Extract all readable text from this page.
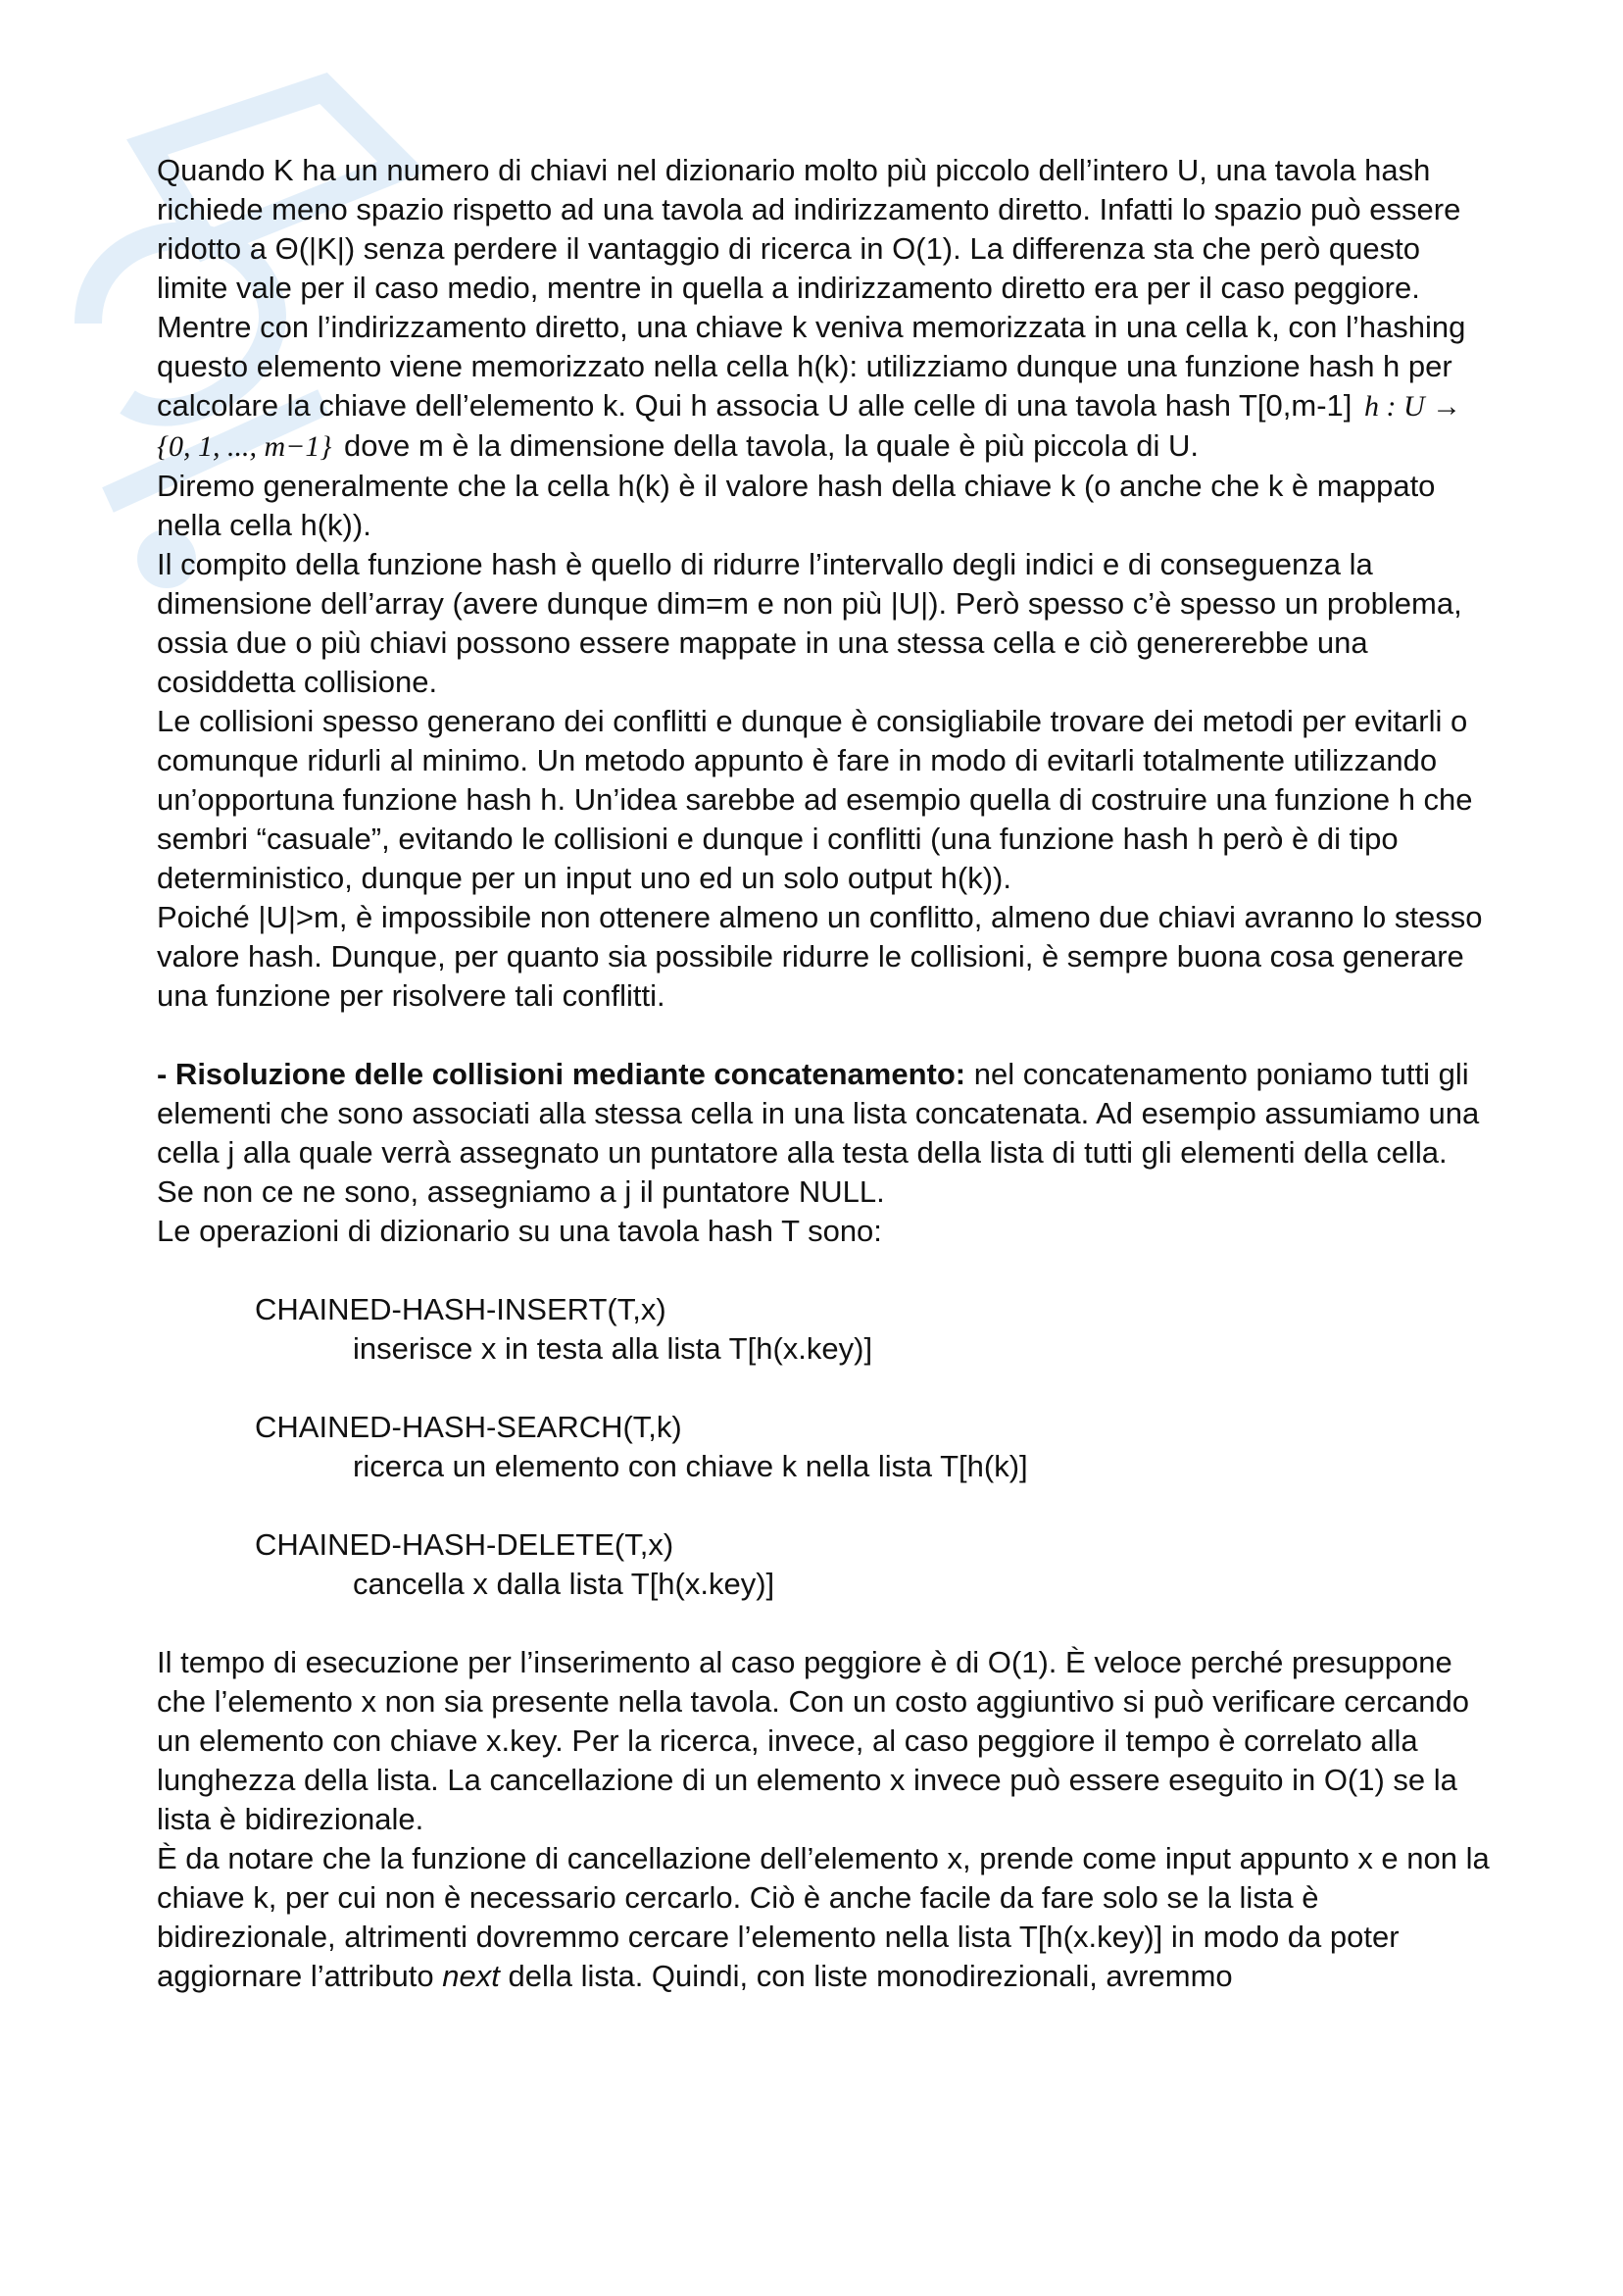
Quando K ha un numero di chiavi nel dizionario molto più piccolo dell’intero U, una tavola hash richiede meno spazio rispetto ad una tavola ad indirizzamento diretto. Infatti lo spazio può essere ridotto a Θ(|K|) senza perdere il vantaggio di ricerca in O(1). La differenza sta che però questo limite vale per il caso medio, mentre in quella a indirizzamento diretto era per il caso peggiore.

Mentre con l’indirizzamento diretto, una chiave k veniva memorizzata in una cella k, con l’hashing questo elemento viene memorizzato nella cella h(k): utilizziamo dunque una funzione hash h per calcolare la chiave dell’elemento k. Qui h associa U alle celle di una tavola hash T[0,m-1] h : U → {0, 1, ..., m−1} dove m è la dimensione della tavola, la quale è più piccola di U.

Diremo generalmente che la cella h(k) è il valore hash della chiave k (o anche che k è mappato nella cella h(k)).

Il compito della funzione hash è quello di ridurre l’intervallo degli indici e di conseguenza la dimensione dell’array (avere dunque dim=m e non più |U|). Però spesso c’è spesso un problema, ossia due o più chiavi possono essere mappate in una stessa cella e ciò genererebbe una cosiddetta collisione.

Le collisioni spesso generano dei conflitti e dunque è consigliabile trovare dei metodi per evitarli o comunque ridurli al minimo. Un metodo appunto è fare in modo di evitarli totalmente utilizzando un’opportuna funzione hash h. Un’idea sarebbe ad esempio quella di costruire una funzione h che sembri “casuale”, evitando le collisioni e dunque i conflitti (una funzione hash h però è di tipo deterministico, dunque per un input uno ed un solo output h(k)).

Poiché |U|>m, è impossibile non ottenere almeno un conflitto, almeno due chiavi avranno lo stesso valore hash. Dunque, per quanto sia possibile ridurre le collisioni, è sempre buona cosa generare una funzione per risolvere tali conflitti.

- Risoluzione delle collisioni mediante concatenamento: nel concatenamento poniamo tutti gli elementi che sono associati alla stessa cella in una lista concatenata. Ad esempio assumiamo una cella j alla quale verrà assegnato un puntatore alla testa della lista di tutti gli elementi della cella. Se non ce ne sono, assegniamo a j il puntatore NULL.

Le operazioni di dizionario su una tavola hash T sono:

CHAINED-HASH-INSERT(T,x)

inserisce x in testa alla lista T[h(x.key)]

CHAINED-HASH-SEARCH(T,k)

ricerca un elemento con chiave k nella lista T[h(k)]

CHAINED-HASH-DELETE(T,x)

cancella x dalla lista T[h(x.key)]

Il tempo di esecuzione per l’inserimento al caso peggiore è di O(1). È veloce perché presuppone che l’elemento x non sia presente nella tavola. Con un costo aggiuntivo si può verificare cercando un elemento con chiave x.key. Per la ricerca, invece, al caso peggiore il tempo è correlato alla lunghezza della lista. La cancellazione di un elemento x invece può essere eseguito in O(1) se la lista è bidirezionale.

È da notare che la funzione di cancellazione dell’elemento x, prende come input appunto x e non la chiave k, per cui non è necessario cercarlo. Ciò è anche facile da fare solo se la lista è bidirezionale, altrimenti dovremmo cercare l’elemento nella lista T[h(x.key)] in modo da poter aggiornare l’attributo next della lista. Quindi, con liste monodirezionali, avremmo
